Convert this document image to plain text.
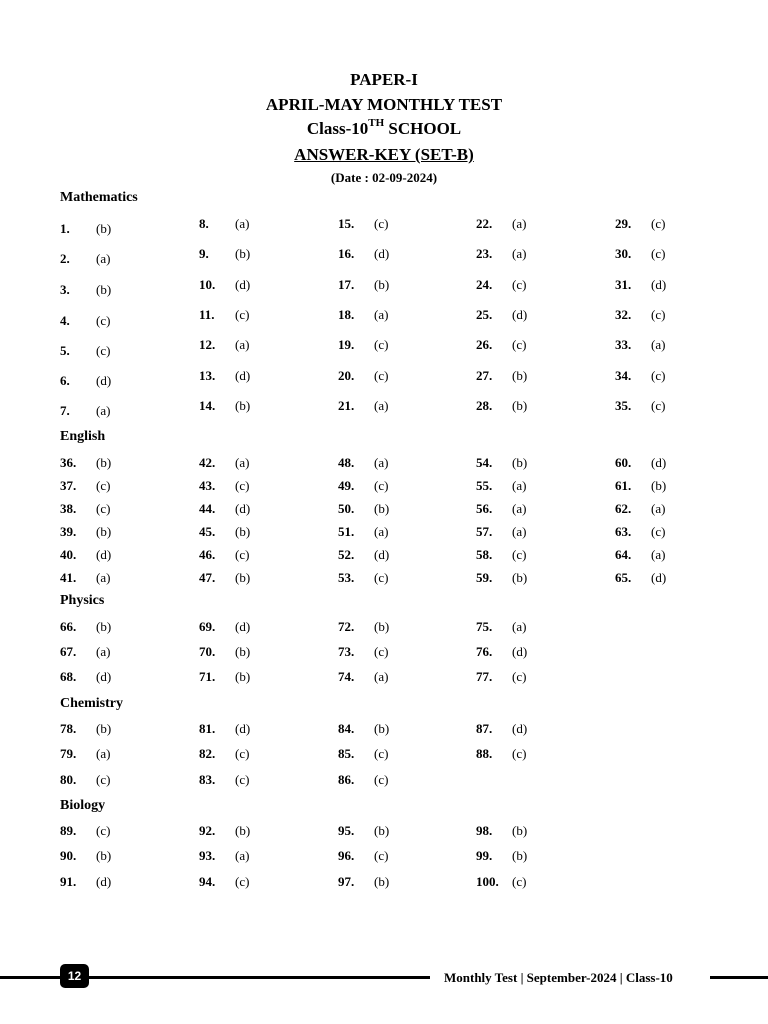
PAPER-I
APRIL-MAY MONTHLY TEST
Class-10TH SCHOOL
ANSWER-KEY (SET-B)
(Date : 02-09-2024)
Mathematics
1. (b)	8. (a)	15. (c)	22. (a)	29. (c)
2. (a)	9. (b)	16. (d)	23. (a)	30. (c)
3. (b)	10. (d)	17. (b)	24. (c)	31. (d)
4. (c)	11. (c)	18. (a)	25. (d)	32. (c)
5. (c)	12. (a)	19. (c)	26. (c)	33. (a)
6. (d)	13. (d)	20. (c)	27. (b)	34. (c)
7. (a)	14. (b)	21. (a)	28. (b)	35. (c)
English
36. (b)	42. (a)	48. (a)	54. (b)	60. (d)
37. (c)	43. (c)	49. (c)	55. (a)	61. (b)
38. (c)	44. (d)	50. (b)	56. (a)	62. (a)
39. (b)	45. (b)	51. (a)	57. (a)	63. (c)
40. (d)	46. (c)	52. (d)	58. (c)	64. (a)
41. (a)	47. (b)	53. (c)	59. (b)	65. (d)
Physics
66. (b)	69. (d)	72. (b)	75. (a)
67. (a)	70. (b)	73. (c)	76. (d)
68. (d)	71. (b)	74. (a)	77. (c)
Chemistry
78. (b)	81. (d)	84. (b)	87. (d)
79. (a)	82. (c)	85. (c)	88. (c)
80. (c)	83. (c)	86. (c)
Biology
89. (c)	92. (b)	95. (b)	98. (b)
90. (b)	93. (a)	96. (c)	99. (b)
91. (d)	94. (c)	97. (b)	100. (c)
12	Monthly Test | September-2024 | Class-10
